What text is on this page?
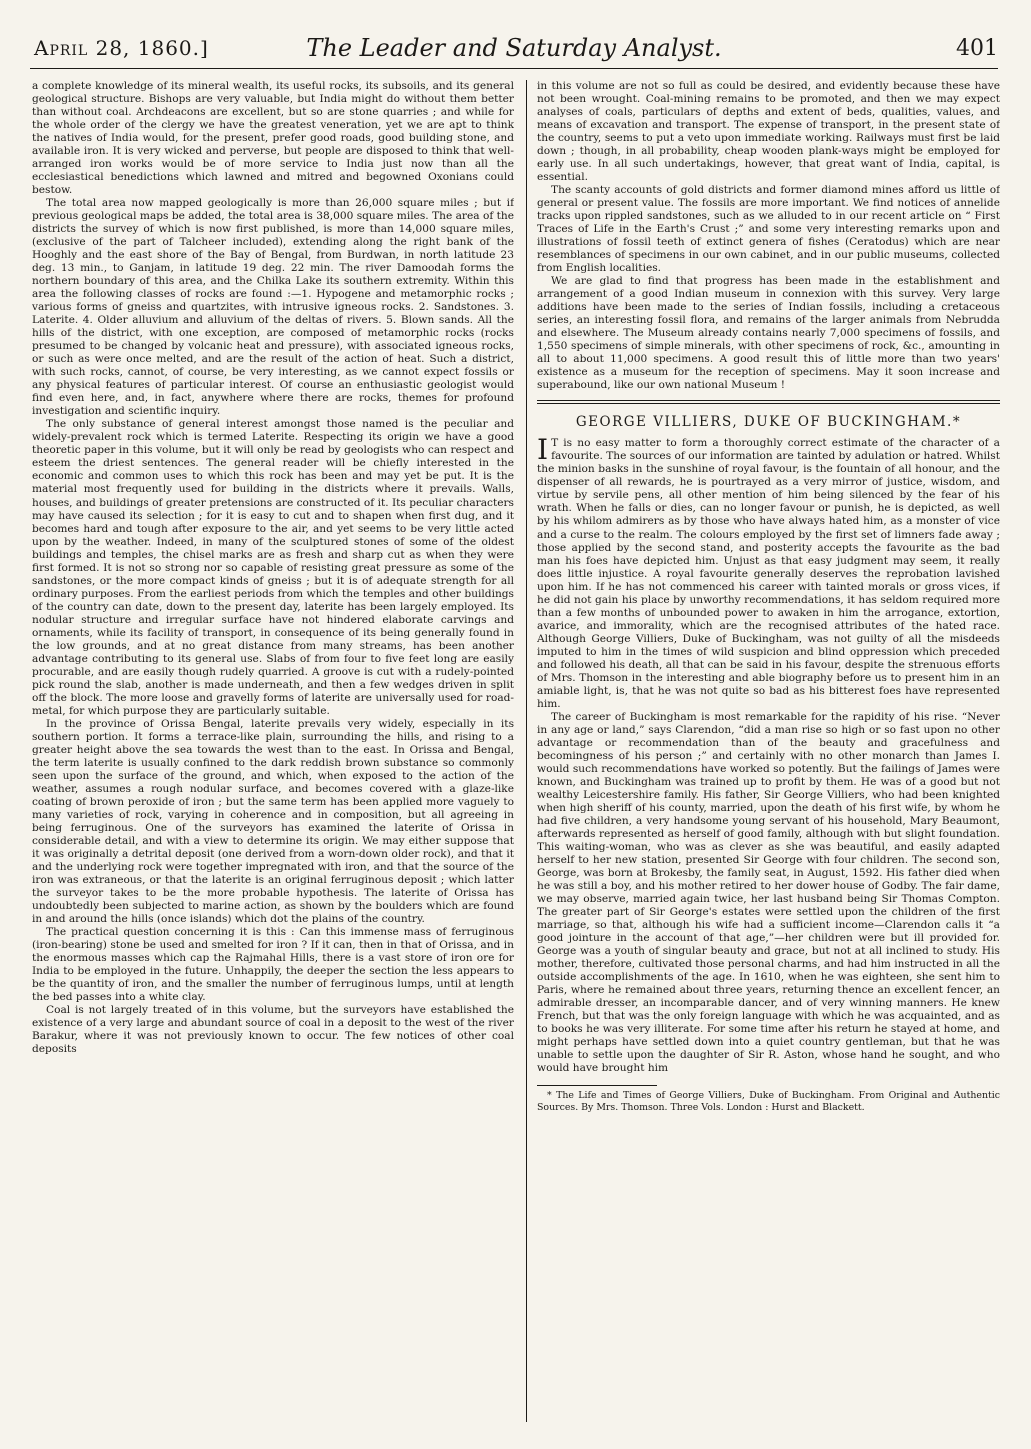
April 28, 1860.]	The Leader and Saturday Analyst.	401

a complete knowledge of its mineral wealth, its useful rocks, its subsoils, and its general geological structure. Bishops are very valuable, but India might do without them better than without coal. Archdeacons are excellent, but so are stone quarries ; and while for the whole order of the clergy we have the greatest veneration, yet we are apt to think the natives of India would, for the present, prefer good roads, good building stone, and available iron. It is very wicked and perverse, but people are disposed to think that well-arranged iron works would be of more service to India just now than all the ecclesiastical benedictions which lawned and mitred and begowned Oxonians could bestow.

The total area now mapped geologically is more than 26,000 square miles ; but if previous geological maps be added, the total area is 38,000 square miles. The area of the districts the survey of which is now first published, is more than 14,000 square miles, (exclusive of the part of Talcheer included), extending along the right bank of the Hooghly and the east shore of the Bay of Bengal, from Burdwan, in north latitude 23 deg. 13 min., to Ganjam, in latitude 19 deg. 22 min. The river Damoodah forms the northern boundary of this area, and the Chilka Lake its southern extremity. Within this area the following classes of rocks are found :—1. Hypogene and metamorphic rocks ; various forms of gneiss and quartzites, with intrusive igneous rocks. 2. Sandstones. 3. Laterite. 4. Older alluvium and alluvium of the deltas of rivers. 5. Blown sands. All the hills of the district, with one exception, are composed of metamorphic rocks (rocks presumed to be changed by volcanic heat and pressure), with associated igneous rocks, or such as were once melted, and are the result of the action of heat. Such a district, with such rocks, cannot, of course, be very interesting, as we cannot expect fossils or any physical features of particular interest. Of course an enthusiastic geologist would find even here, and, in fact, anywhere where there are rocks, themes for profound investigation and scientific inquiry.

The only substance of general interest amongst those named is the peculiar and widely-prevalent rock which is termed Laterite. Respecting its origin we have a good theoretic paper in this volume, but it will only be read by geologists who can respect and esteem the driest sentences. The general reader will be chiefly interested in the economic and common uses to which this rock has been and may yet be put. It is the material most frequently used for building in the districts where it prevails. Walls, houses, and buildings of greater pretensions are constructed of it. Its peculiar characters may have caused its selection ; for it is easy to cut and to shapen when first dug, and it becomes hard and tough after exposure to the air, and yet seems to be very little acted upon by the weather. Indeed, in many of the sculptured stones of some of the oldest buildings and temples, the chisel marks are as fresh and sharp cut as when they were first formed. It is not so strong nor so capable of resisting great pressure as some of the sandstones, or the more compact kinds of gneiss ; but it is of adequate strength for all ordinary purposes. From the earliest periods from which the temples and other buildings of the country can date, down to the present day, laterite has been largely employed. Its nodular structure and irregular surface have not hindered elaborate carvings and ornaments, while its facility of transport, in consequence of its being generally found in the low grounds, and at no great distance from many streams, has been another advantage contributing to its general use. Slabs of from four to five feet long are easily procurable, and are easily though rudely quarried. A groove is cut with a rudely-pointed pick round the slab, another is made underneath, and then a few wedges driven in split off the block. The more loose and gravelly forms of laterite are universally used for road-metal, for which purpose they are particularly suitable.

In the province of Orissa Bengal, laterite prevails very widely, especially in its southern portion. It forms a terrace-like plain, surrounding the hills, and rising to a greater height above the sea towards the west than to the east. In Orissa and Bengal, the term laterite is usually confined to the dark reddish brown substance so commonly seen upon the surface of the ground, and which, when exposed to the action of the weather, assumes a rough nodular surface, and becomes covered with a glaze-like coating of brown peroxide of iron ; but the same term has been applied more vaguely to many varieties of rock, varying in coherence and in composition, but all agreeing in being ferruginous. One of the surveyors has examined the laterite of Orissa in considerable detail, and with a view to determine its origin. We may either suppose that it was originally a detrital deposit (one derived from a worn-down older rock), and that it and the underlying rock were together impregnated with iron, and that the source of the iron was extraneous, or that the laterite is an original ferruginous deposit ; which latter the surveyor takes to be the more probable hypothesis. The laterite of Orissa has undoubtedly been subjected to marine action, as shown by the boulders which are found in and around the hills (once islands) which dot the plains of the country.

The practical question concerning it is this : Can this immense mass of ferruginous (iron-bearing) stone be used and smelted for iron ? If it can, then in that of Orissa, and in the enormous masses which cap the Rajmahal Hills, there is a vast store of iron ore for India to be employed in the future. Unhappily, the deeper the section the less appears to be the quantity of iron, and the smaller the number of ferruginous lumps, until at length the bed passes into a white clay.

Coal is not largely treated of in this volume, but the surveyors have established the existence of a very large and abundant source of coal in a deposit to the west of the river Barakur, where it was not previously known to occur. The few notices of other coal deposits

in this volume are not so full as could be desired, and evidently because these have not been wrought. Coal-mining remains to be promoted, and then we may expect analyses of coals, particulars of depths and extent of beds, qualities, values, and means of excavation and transport. The expense of transport, in the present state of the country, seems to put a veto upon immediate working. Railways must first be laid down ; though, in all probability, cheap wooden plank-ways might be employed for early use. In all such undertakings, however, that great want of India, capital, is essential.

The scanty accounts of gold districts and former diamond mines afford us little of general or present value. The fossils are more important. We find notices of annelide tracks upon rippled sandstones, such as we alluded to in our recent article on “ First Traces of Life in the Earth's Crust ;” and some very interesting remarks upon and illustrations of fossil teeth of extinct genera of fishes (Ceratodus) which are near resemblances of specimens in our own cabinet, and in our public museums, collected from English localities.

We are glad to find that progress has been made in the establishment and arrangement of a good Indian museum in connexion with this survey. Very large additions have been made to the series of Indian fossils, including a cretaceous series, an interesting fossil flora, and remains of the larger animals from Nebrudda and elsewhere. The Museum already contains nearly 7,000 specimens of fossils, and 1,550 specimens of simple minerals, with other specimens of rock, &c., amounting in all to about 11,000 specimens. A good result this of little more than two years' existence as a museum for the reception of specimens. May it soon increase and superabound, like our own national Museum !

GEORGE VILLIERS, DUKE OF BUCKINGHAM.*

I T is no easy matter to form a thoroughly correct estimate of the character of a favourite. The sources of our information are tainted by adulation or hatred. Whilst the minion basks in the sunshine of royal favour, is the fountain of all honour, and the dispenser of all rewards, he is pourtrayed as a very mirror of justice, wisdom, and virtue by servile pens, all other mention of him being silenced by the fear of his wrath. When he falls or dies, can no longer favour or punish, he is depicted, as well by his whilom admirers as by those who have always hated him, as a monster of vice and a curse to the realm. The colours employed by the first set of limners fade away ; those applied by the second stand, and posterity accepts the favourite as the bad man his foes have depicted him. Unjust as that easy judgment may seem, it really does little injustice. A royal favourite generally deserves the reprobation lavished upon him. If he has not commenced his career with tainted morals or gross vices, if he did not gain his place by unworthy recommendations, it has seldom required more than a few months of unbounded power to awaken in him the arrogance, extortion, avarice, and immorality, which are the recognised attributes of the hated race. Although George Villiers, Duke of Buckingham, was not guilty of all the misdeeds imputed to him in the times of wild suspicion and blind oppression which preceded and followed his death, all that can be said in his favour, despite the strenuous efforts of Mrs. Thomson in the interesting and able biography before us to present him in an amiable light, is, that he was not quite so bad as his bitterest foes have represented him.

The career of Buckingham is most remarkable for the rapidity of his rise. “Never in any age or land,” says Clarendon, “did a man rise so high or so fast upon no other advantage or recommendation than of the beauty and gracefulness and becomingness of his person ;” and certainly with no other monarch than James I. would such recommendations have worked so potently. But the failings of James were known, and Buckingham was trained up to profit by them. He was of a good but not wealthy Leicestershire family. His father, Sir George Villiers, who had been knighted when high sheriff of his county, married, upon the death of his first wife, by whom he had five children, a very handsome young servant of his household, Mary Beaumont, afterwards represented as herself of good family, although with but slight foundation. This waiting-woman, who was as clever as she was beautiful, and easily adapted herself to her new station, presented Sir George with four children. The second son, George, was born at Brokesby, the family seat, in August, 1592. His father died when he was still a boy, and his mother retired to her dower house of Godby. The fair dame, we may observe, married again twice, her last husband being Sir Thomas Compton. The greater part of Sir George's estates were settled upon the children of the first marriage, so that, although his wife had a sufficient income—Clarendon calls it “a good jointure in the account of that age,”—her children were but ill provided for. George was a youth of singular beauty and grace, but not at all inclined to study. His mother, therefore, cultivated those personal charms, and had him instructed in all the outside accomplishments of the age. In 1610, when he was eighteen, she sent him to Paris, where he remained about three years, returning thence an excellent fencer, an admirable dresser, an incomparable dancer, and of very winning manners. He knew French, but that was the only foreign language with which he was acquainted, and as to books he was very illiterate. For some time after his return he stayed at home, and might perhaps have settled down into a quiet country gentleman, but that he was unable to settle upon the daughter of Sir R. Aston, whose hand he sought, and who would have brought him

* The Life and Times of George Villiers, Duke of Buckingham. From Original and Authentic Sources. By Mrs. Thomson. Three Vols. London : Hurst and Blackett.
